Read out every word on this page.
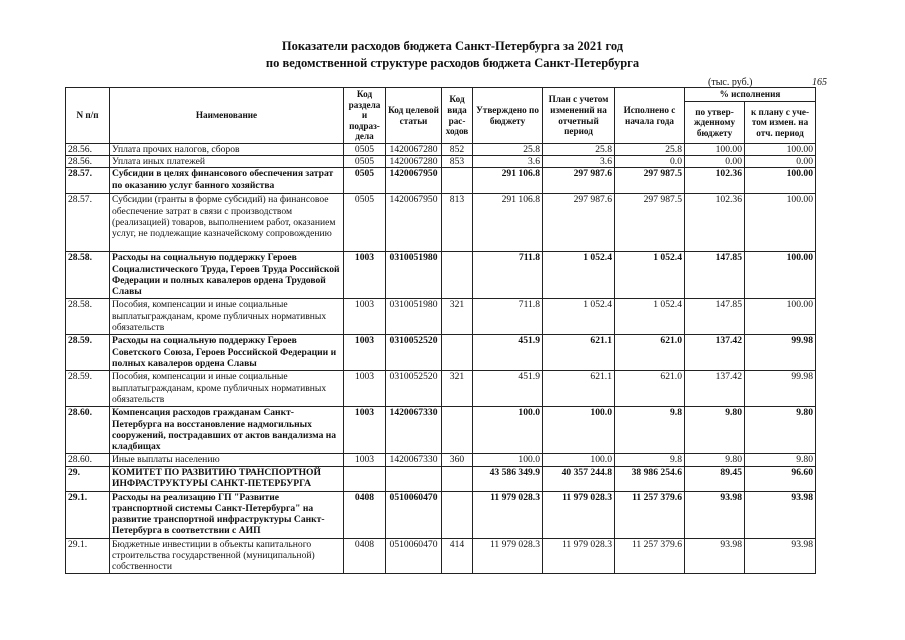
Показатели расходов бюджета Санкт-Петербурга за 2021 год
по ведомственной структуре расходов бюджета Санкт-Петербурга
(тыс. руб.)	165
N п/п	Наименование	Код раздела и подраз-дела	Код целевой статьи	Код вида рас-ходов	Утверждено по бюджету	План с учетом изменений на отчетный период	Исполнено с начала года	% исполнения	
								по утвер-жденному бюджету	к плану с уче-том измен. на отч. период
28.56.	Уплата прочих налогов, сборов	0505	1420067280	852	25.8	25.8	25.8	100.00	100.00
28.56.	Уплата иных платежей	0505	1420067280	853	3.6	3.6	0.0	0.00	0.00
28.57.	Субсидии в целях финансового обеспечения затрат по оказанию услуг банного хозяйства	0505	1420067950		291 106.8	297 987.6	297 987.5	102.36	100.00
28.57.	Субсидии (гранты в форме субсидий) на финансовое обеспечение затрат в связи с производством (реализацией) товаров, выполнением работ, оказанием услуг, не подлежащие казначейскому сопровождению	0505	1420067950	813	291 106.8	297 987.6	297 987.5	102.36	100.00
28.58.	Расходы на социальную поддержку Героев Социалистического Труда, Героев Труда Российской Федерации и полных кавалеров ордена Трудовой Славы	1003	0310051980		711.8	1 052.4	1 052.4	147.85	100.00
28.58.	Пособия, компенсации и иные социальные выплатыгражданам, кроме публичных нормативных обязательств	1003	0310051980	321	711.8	1 052.4	1 052.4	147.85	100.00
28.59.	Расходы на социальную поддержку Героев Советского Союза, Героев Российской Федерации и полных кавалеров ордена Славы	1003	0310052520		451.9	621.1	621.0	137.42	99.98
28.59.	Пособия, компенсации и иные социальные выплатыгражданам, кроме публичных нормативных обязательств	1003	0310052520	321	451.9	621.1	621.0	137.42	99.98
28.60.	Компенсация расходов гражданам Санкт-Петербурга на восстановление надмогильных сооружений, пострадавших от актов вандализма на кладбищах	1003	1420067330		100.0	100.0	9.8	9.80	9.80
28.60.	Иные выплаты населению	1003	1420067330	360	100.0	100.0	9.8	9.80	9.80
29.	КОМИТЕТ ПО РАЗВИТИЮ ТРАНСПОРТНОЙ ИНФРАСТРУКТУРЫ САНКТ-ПЕТЕРБУРГА				43 586 349.9	40 357 244.8	38 986 254.6	89.45	96.60
29.1.	Расходы на реализацию ГП "Развитие транспортной системы Санкт-Петербурга" на развитие транспортной инфраструктуры Санкт-Петербурга в соответствии с АИП	0408	0510060470		11 979 028.3	11 979 028.3	11 257 379.6	93.98	93.98
29.1.	Бюджетные инвестиции в объекты капитального строительства государственной (муниципальной) собственности	0408	0510060470	414	11 979 028.3	11 979 028.3	11 257 379.6	93.98	93.98
